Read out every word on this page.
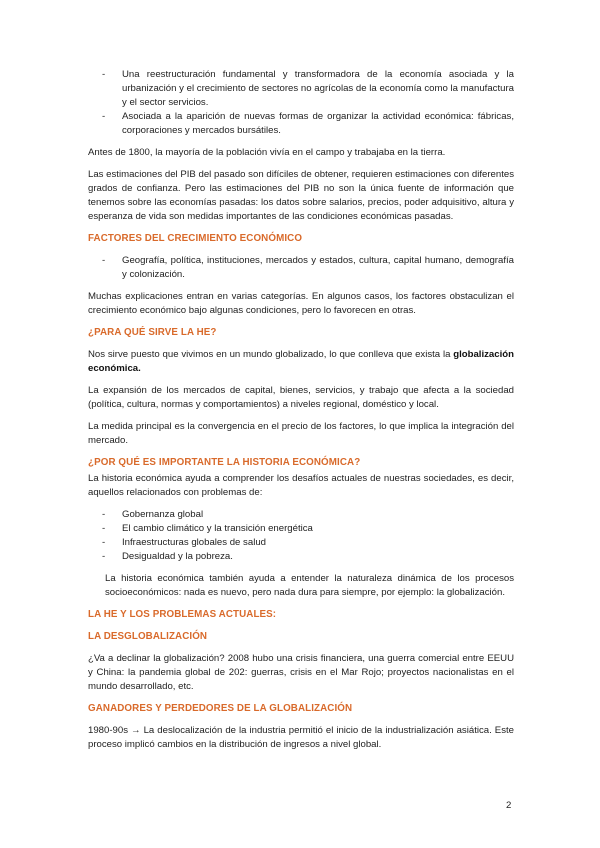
- Una reestructuración fundamental y transformadora de la economía asociada y la urbanización y el crecimiento de sectores no agrícolas de la economía como la manufactura y el sector servicios.
- Asociada a la aparición de nuevas formas de organizar la actividad económica: fábricas, corporaciones y mercados bursátiles.

Antes de 1800, la mayoría de la población vivía en el campo y trabajaba en la tierra.

Las estimaciones del PIB del pasado son difíciles de obtener, requieren estimaciones con diferentes grados de confianza. Pero las estimaciones del PIB no son la única fuente de información que tenemos sobre las economías pasadas: los datos sobre salarios, precios, poder adquisitivo, altura y esperanza de vida son medidas importantes de las condiciones económicas pasadas.

FACTORES DEL CRECIMIENTO ECONÓMICO
- Geografía, política, instituciones, mercados y estados, cultura, capital humano, demografía y colonización.

Muchas explicaciones entran en varias categorías. En algunos casos, los factores obstaculizan el crecimiento económico bajo algunas condiciones, pero lo favorecen en otras.

¿PARA QUÉ SIRVE LA HE?

Nos sirve puesto que vivimos en un mundo globalizado, lo que conlleva que exista la globalización económica.

La expansión de los mercados de capital, bienes, servicios, y trabajo que afecta a la sociedad (política, cultura, normas y comportamientos) a niveles regional, doméstico y local.

La medida principal es la convergencia en el precio de los factores, lo que implica la integración del mercado.

¿POR QUÉ ES IMPORTANTE LA HISTORIA ECONÓMICA?

La historia económica ayuda a comprender los desafíos actuales de nuestras sociedades, es decir, aquellos relacionados con problemas de:

- Gobernanza global
- El cambio climático y la transición energética
- Infraestructuras globales de salud
- Desigualdad y la pobreza.

La historia económica también ayuda a entender la naturaleza dinámica de los procesos socioeconómicos: nada es nuevo, pero nada dura para siempre, por ejemplo: la globalización.

LA HE Y LOS PROBLEMAS ACTUALES:
LA DESGLOBALIZACIÓN

¿Va a declinar la globalización? 2008 hubo una crisis financiera, una guerra comercial entre EEUU y China: la pandemia global de 202: guerras, crisis en el Mar Rojo; proyectos nacionalistas en el mundo desarrollado, etc.

GANADORES Y PERDEDORES DE LA GLOBALIZACIÓN

1980-90s → La deslocalización de la industria permitió el inicio de la industrialización asiática. Este proceso implicó cambios en la distribución de ingresos a nivel global.

2
